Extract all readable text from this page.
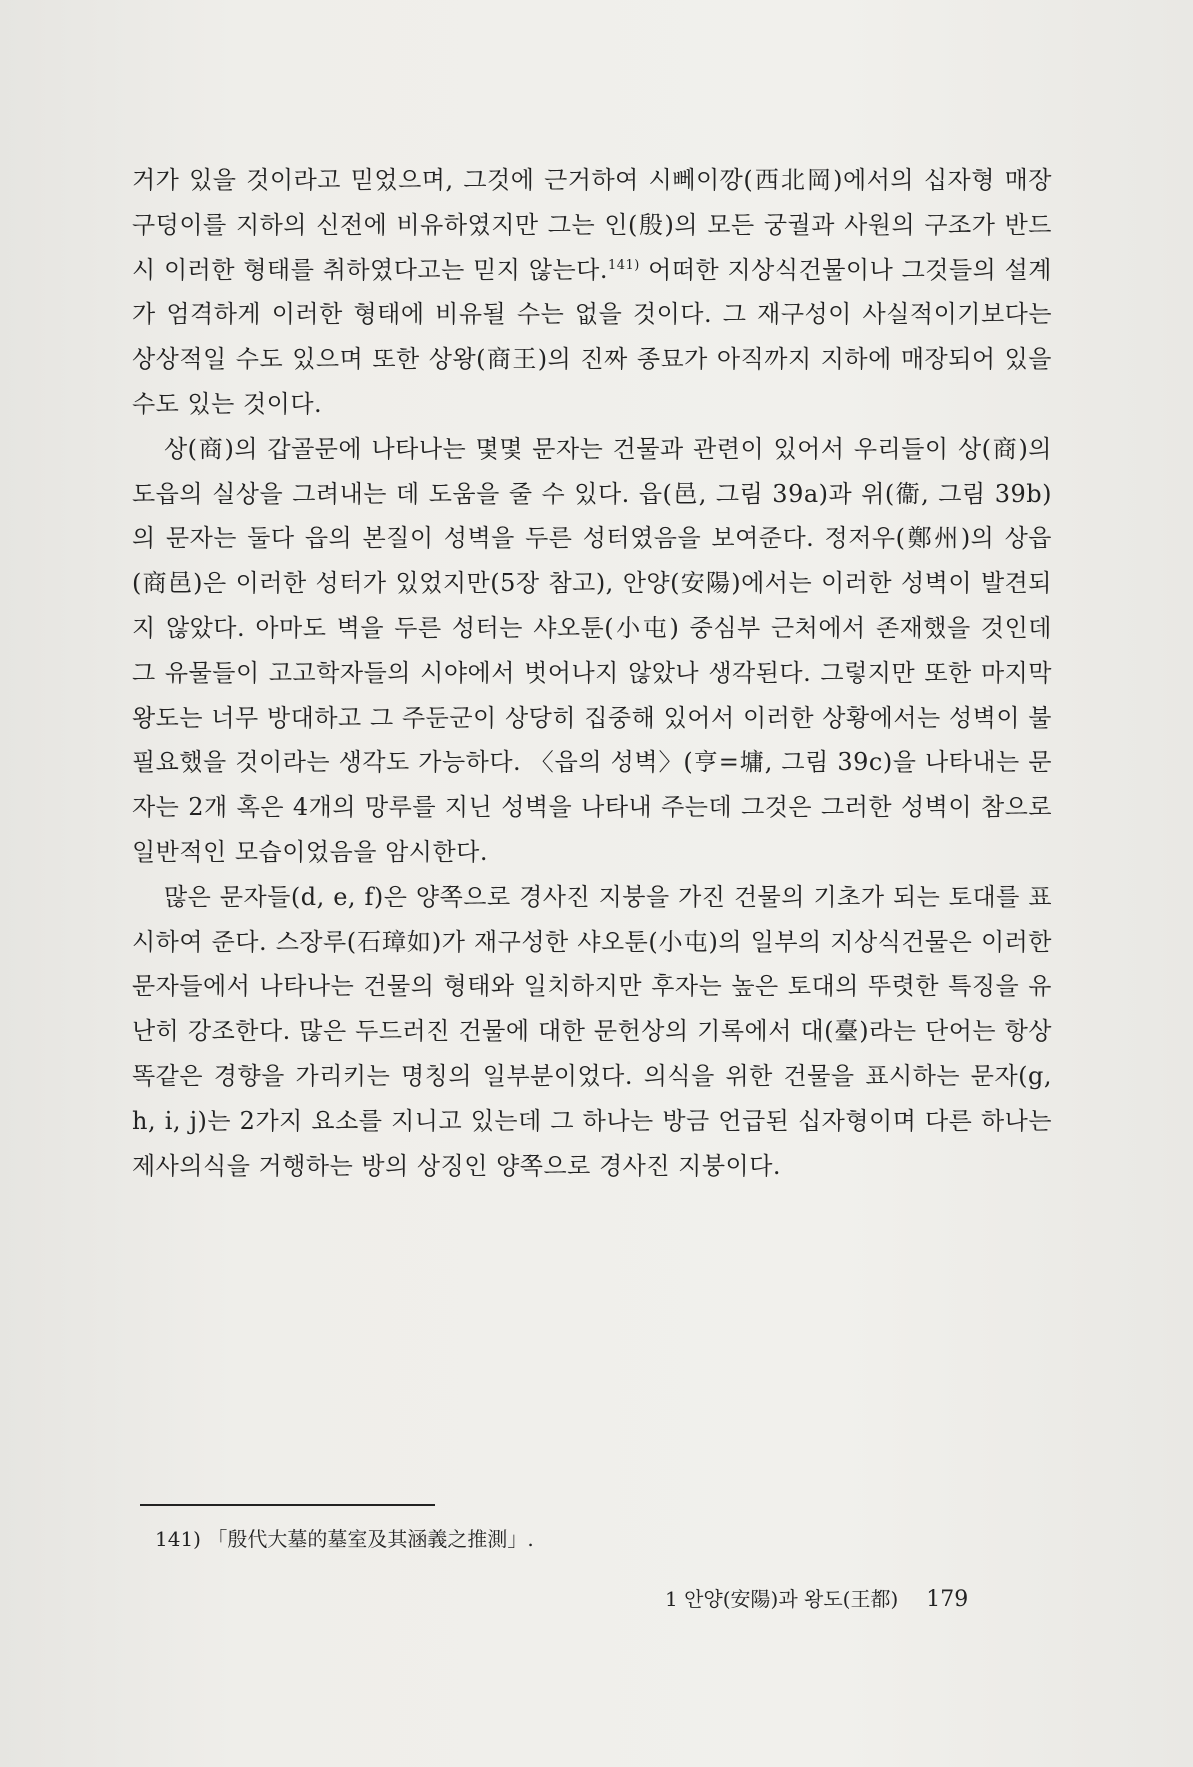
거가 있을 것이라고 믿었으며, 그것에 근거하여 시뻬이깡(西北岡)에서의 십자형 매장 구덩이를 지하의 신전에 비유하였지만 그는 인(殷)의 모든 궁궐과 사원의 구조가 반드시 이러한 형태를 취하였다고는 믿지 않는다.$^{141)}$ 어떠한 지상식건물이나 그것들의 설계가 엄격하게 이러한 형태에 비유될 수는 없을 것이다. 그 재구성이 사실적이기보다는 상상적일 수도 있으며 또한 상왕(商王)의 진짜 종묘가 아직까지 지하에 매장되어 있을 수도 있는 것이다.

상(商)의 갑골문에 나타나는 몇몇 문자는 건물과 관련이 있어서 우리들이 상(商)의 도읍의 실상을 그려내는 데 도움을 줄 수 있다. 읍(邑, 그림 39a)과 위(衞, 그림 39b)의 문자는 둘다 읍의 본질이 성벽을 두른 성터였음을 보여준다. 정저우(鄭州)의 상읍(商邑)은 이러한 성터가 있었지만(5장 참고), 안양(安陽)에서는 이러한 성벽이 발견되지 않았다. 아마도 벽을 두른 성터는 샤오툰(小屯) 중심부 근처에서 존재했을 것인데 그 유물들이 고고학자들의 시야에서 벗어나지 않았나 생각된다. 그렇지만 또한 마지막 왕도는 너무 방대하고 그 주둔군이 상당히 집중해 있어서 이러한 상황에서는 성벽이 불필요했을 것이라는 생각도 가능하다. 〈읍의 성벽〉(亨=墉, 그림 39c)을 나타내는 문자는 2개 혹은 4개의 망루를 지닌 성벽을 나타내 주는데 그것은 그러한 성벽이 참으로 일반적인 모습이었음을 암시한다.

많은 문자들(d, e, f)은 양쪽으로 경사진 지붕을 가진 건물의 기초가 되는 토대를 표시하여 준다. 스장루(石璋如)가 재구성한 샤오툰(小屯)의 일부의 지상식건물은 이러한 문자들에서 나타나는 건물의 형태와 일치하지만 후자는 높은 토대의 뚜렷한 특징을 유난히 강조한다. 많은 두드러진 건물에 대한 문헌상의 기록에서 대(臺)라는 단어는 항상 똑같은 경향을 가리키는 명칭의 일부분이었다. 의식을 위한 건물을 표시하는 문자(g, h, i, j)는 2가지 요소를 지니고 있는데 그 하나는 방금 언급된 십자형이며 다른 하나는 제사의식을 거행하는 방의 상징인 양쪽으로 경사진 지붕이다.

141) 「殷代大墓的墓室及其涵義之推測」.
1 안양(安陽)과 왕도(王都) 179
